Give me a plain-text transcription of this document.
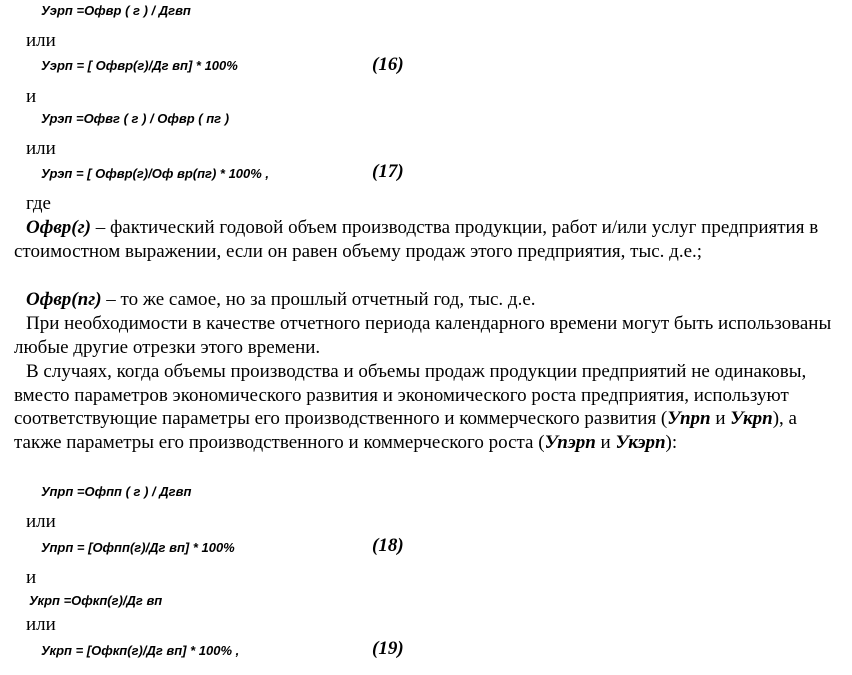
Уэрп =Офвр ( г ) / Дгвп
или
Уэрп = [ Офвр(г)/Дг вп] * 100%	(16)
и
Урэп =Офвг ( г ) / Офвр ( пг )
или
Урэп = [ Офвр(г)/Оф вр(пг) * 100% ,	(17)
где
Офвр(г) – фактический годовой объем производства продукции, работ и/или услуг предприятия в стоимостном выражении, если он равен объему продаж этого предприятия, тыс. д.е.;
Офвр(пг) – то же самое, но за прошлый отчетный год, тыс. д.е.
При необходимости в качестве отчетного периода календарного времени могут быть использованы любые другие отрезки этого времени.
В случаях, когда объемы производства и объемы продаж продукции предприятий не одинаковы, вместо параметров экономического развития и экономического роста предприятия, используют соответствующие параметры его производственного и коммерческого развития (Упрп и Укрп), а также параметры его производственного и коммерческого роста (Упэрп и Укэрп):
Упрп =Офпп ( г ) / Дгвп
или
Упрп = [Офпп(г)/Дг вп] * 100%	(18)
и
Укрп =Офкп(г)/Дг вп
или
Укрп = [Офкп(г)/Дг вп] * 100% ,	(19)
